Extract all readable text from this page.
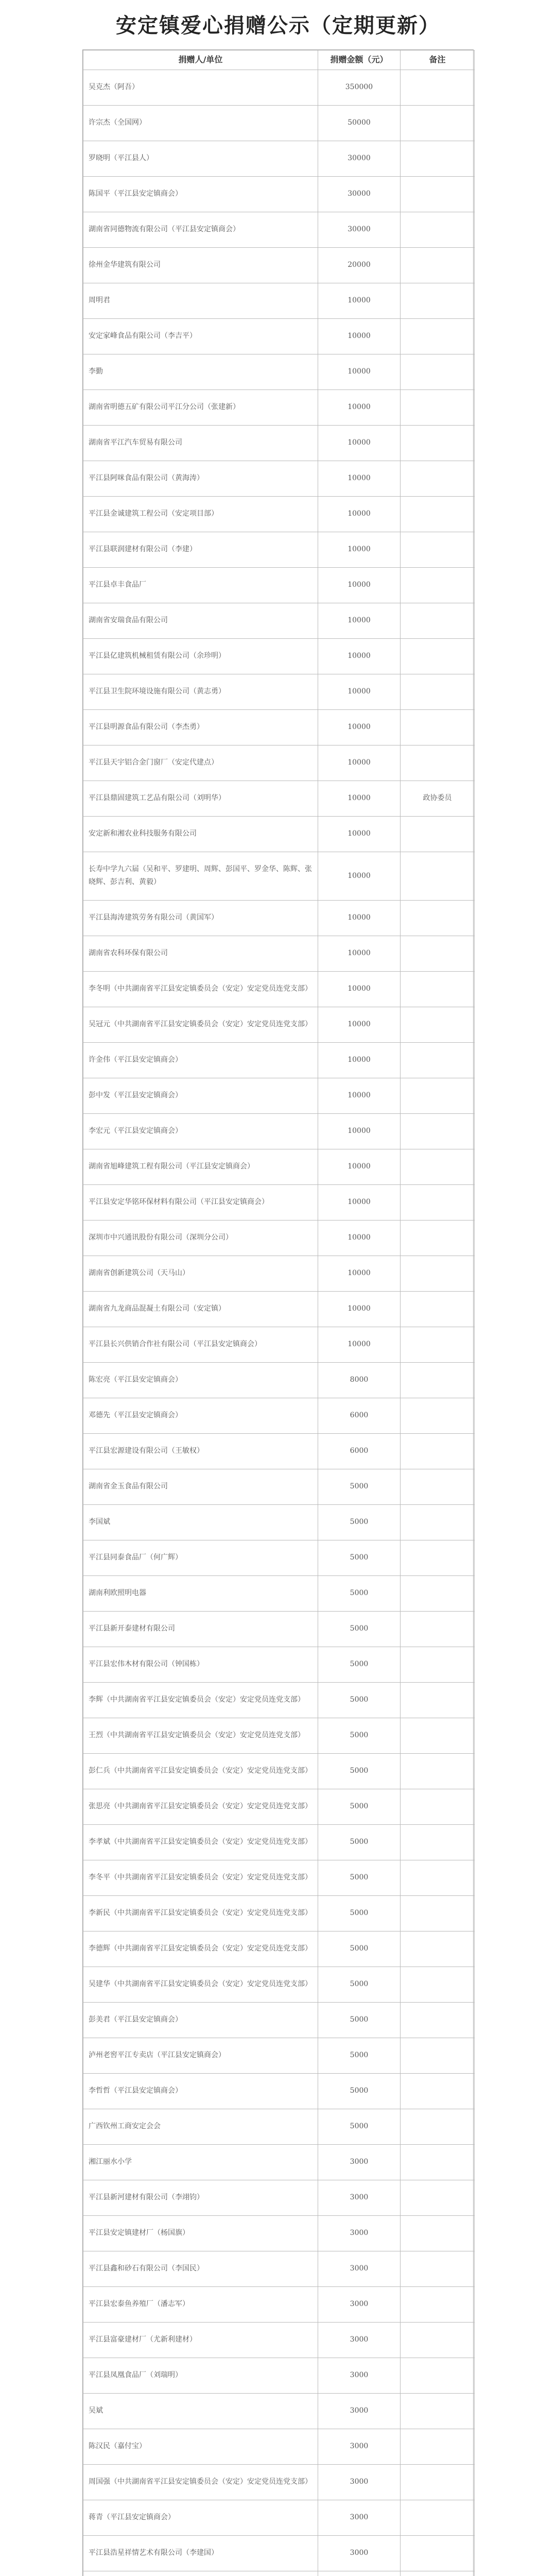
安定镇爱心捐赠公示（定期更新）
捐赠人/单位	捐赠金额（元）	备注
吴克杰（阿吾）	350000	
许宗杰（全国网）	50000	
罗晓明（平江县人）	30000	
陈国平（平江县安定镇商会）	30000	
湖南省同德物流有限公司（平江县安定镇商会）	30000	
徐州金华建筑有限公司	20000	
周明君	10000	
安定家峰食品有限公司（李吉平）	10000	
李勤	10000	
湖南省明德五矿有限公司平江分公司（张建新）	10000	
湖南省平江汽车贸易有限公司	10000	
平江县阿咪食品有限公司（黄海涛）	10000	
平江县金诚建筑工程公司（安定项目部）	10000	
平江县联润建材有限公司（李建）	10000	
平江县卓丰食品厂	10000	
湖南省安瑞食品有限公司	10000	
平江县亿建筑机械租赁有限公司（余珍明）	10000	
平江县卫生院环境设施有限公司（黄志勇）	10000	
平江县明源食品有限公司（李杰勇）	10000	
平江县天宇铝合金门窗厂（安定代建点）	10000	
平江县鼎固建筑工艺品有限公司（刘明华）	10000	政协委员
安定新和湘农业科技服务有限公司	10000	
长寿中学九六届（吴和平、罗建明、周辉、彭国平、罗金华、陈辉、张晓辉、彭吉利、黄毅）	10000	
平江县海涛建筑劳务有限公司（黄国军）	10000	
湖南省农科环保有限公司	10000	
李冬明（中共湖南省平江县安定镇委员会（安定）安定党员连党支部）	10000	
吴冠元（中共湖南省平江县安定镇委员会（安定）安定党员连党支部）	10000	
许金伟（平江县安定镇商会）	10000	
彭中发（平江县安定镇商会）	10000	
李宏元（平江县安定镇商会）	10000	
湖南省旭峰建筑工程有限公司（平江县安定镇商会）	10000	
平江县安定华铭环保材料有限公司（平江县安定镇商会）	10000	
深圳市中兴通讯股份有限公司（深圳分公司）	10000	
湖南省创新建筑公司（天马山）	10000	
湖南省九龙商品混凝土有限公司（安定镇）	10000	
平江县长兴供销合作社有限公司（平江县安定镇商会）	10000	
陈宏亮（平江县安定镇商会）	8000	
邓德先（平江县安定镇商会）	6000	
平江县宏源建设有限公司（王敏权）	6000	
湖南省金玉食品有限公司	5000	
李国斌	5000	
平江县同泰食品厂（何广辉）	5000	
湖南利欧照明电器	5000	
平江县新开泰建材有限公司	5000	
平江县宏伟木材有限公司（钟国栋）	5000	
李辉（中共湖南省平江县安定镇委员会（安定）安定党员连党支部）	5000	
王烈（中共湖南省平江县安定镇委员会（安定）安定党员连党支部）	5000	
彭仁兵（中共湖南省平江县安定镇委员会（安定）安定党员连党支部）	5000	
张思亮（中共湖南省平江县安定镇委员会（安定）安定党员连党支部）	5000	
李孝斌（中共湖南省平江县安定镇委员会（安定）安定党员连党支部）	5000	
李冬平（中共湖南省平江县安定镇委员会（安定）安定党员连党支部）	5000	
李新民（中共湖南省平江县安定镇委员会（安定）安定党员连党支部）	5000	
李德辉（中共湖南省平江县安定镇委员会（安定）安定党员连党支部）	5000	
吴建华（中共湖南省平江县安定镇委员会（安定）安定党员连党支部）	5000	
彭美君（平江县安定镇商会）	5000	
泸州老窖平江专卖店（平江县安定镇商会）	5000	
李哲哲（平江县安定镇商会）	5000	
广西钦州工商安定会会	5000	
湘江丽水小学	3000	
平江县新河建材有限公司（李翊钧）	3000	
平江县安定镇建材厂（杨国旗）	3000	
平江县鑫和砂石有限公司（李国民）	3000	
平江县宏泰鱼养殖厂（潘志军）	3000	
平江县富豪建材厂（尤新利建材）	3000	
平江县凤凰食品厂（刘瑞明）	3000	
吴斌	3000	
陈汉民（嘉付宝）	3000	
周国强（中共湖南省平江县安定镇委员会（安定）安定党员连党支部）	3000	
蒋青（平江县安定镇商会）	3000	
平江县浩星祥情艺术有限公司（李建国）	3000	
